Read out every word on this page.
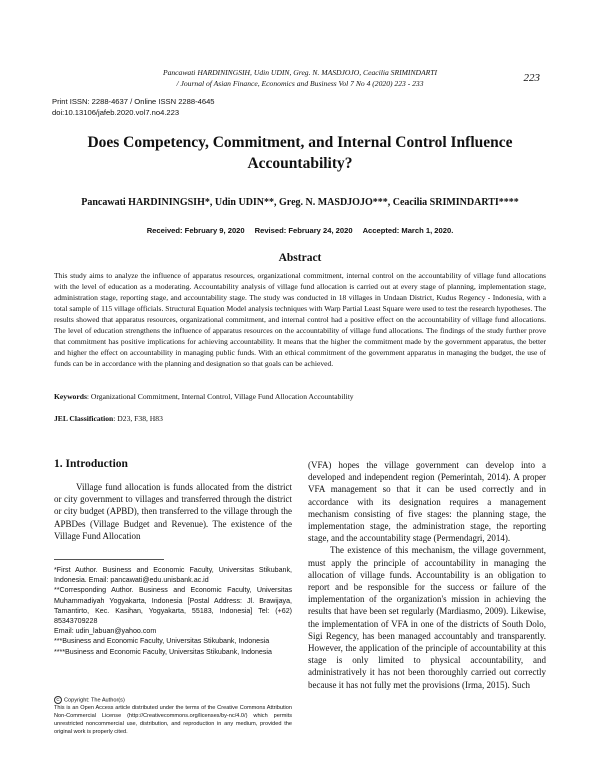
Pancawati HARDININGSIH, Udin UDIN, Greg. N. MASDJOJO, Ceacilia SRIMINDARTI
/ Journal of Asian Finance, Economics and Business Vol 7 No 4 (2020) 223 - 233	223
Print ISSN: 2288-4637 / Online ISSN 2288-4645
doi:10.13106/jafeb.2020.vol7.no4.223
Does Competency, Commitment, and Internal Control Influence
Accountability?
Pancawati HARDININGSIH*, Udin UDIN**, Greg. N. MASDJOJO***, Ceacilia SRIMINDARTI****
Received: February 9, 2020 Revised: February 24, 2020 Accepted: March 1, 2020.
Abstract
This study aims to analyze the influence of apparatus resources, organizational commitment, internal control on the accountability of village fund allocations with the level of education as a moderating. Accountability analysis of village fund allocation is carried out at every stage of planning, implementation stage, administration stage, reporting stage, and accountability stage. The study was conducted in 18 villages in Undaan District, Kudus Regency - Indonesia, with a total sample of 115 village officials. Structural Equation Model analysis techniques with Warp Partial Least Square were used to test the research hypotheses. The results showed that apparatus resources, organizational commitment, and internal control had a positive effect on the accountability of village fund allocations. The level of education strengthens the influence of apparatus resources on the accountability of village fund allocations. The findings of the study further prove that commitment has positive implications for achieving accountability. It means that the higher the commitment made by the government apparatus, the better and higher the effect on accountability in managing public funds. With an ethical commitment of the government apparatus in managing the budget, the use of funds can be in accordance with the planning and designation so that goals can be achieved.
Keywords: Organizational Commitment, Internal Control, Village Fund Allocation Accountability
JEL Classification: D23, F38, H83
1. Introduction

Village fund allocation is funds allocated from the district or city government to villages and transferred through the district or city budget (APBD), then transferred to the village through the APBDes (Village Budget and Revenue). The existence of the Village Fund Allocation

(VFA) hopes the village government can develop into a developed and independent region (Pemerintah, 2014). A proper VFA management so that it can be used correctly and in accordance with its designation requires a management mechanism consisting of five stages: the planning stage, the implementation stage, the administration stage, the reporting stage, and the accountability stage (Permendagri, 2014).

The existence of this mechanism, the village government, must apply the principle of accountability in managing the allocation of village funds. Accountability is an obligation to report and be responsible for the success or failure of the implementation of the organization's mission in achieving the results that have been set regularly (Mardiasmo, 2009). Likewise, the implementation of VFA in one of the districts of South Dolo, Sigi Regency, has been managed accountably and transparently. However, the application of the principle of accountability at this stage is only limited to physical accountability, and administratively it has not been thoroughly carried out correctly because it has not fully met the provisions (Irma, 2015). Such

*First Author. Business and Economic Faculty, Universitas Stikubank, Indonesia. Email: pancawati@edu.unisbank.ac.id
**Corresponding Author. Business and Economic Faculty, Universitas Muhammadiyah Yogyakarta, Indonesia [Postal Address: Jl. Brawijaya, Tamantirto, Kec. Kasihan, Yogyakarta, 55183, Indonesia] Tel: (+62) 85343709228
Email: udin_labuan@yahoo.com
***Business and Economic Faculty, Universitas Stikubank, Indonesia
****Business and Economic Faculty, Universitas Stikubank, Indonesia
C Copyright: The Author(s)
This is an Open Access article distributed under the terms of the Creative Commons Attribution Non-Commercial License (http://Creativecommons.org/licenses/by-nc/4.0/) which permits unrestricted noncommercial use, distribution, and reproduction in any medium, provided the original work is properly cited.
